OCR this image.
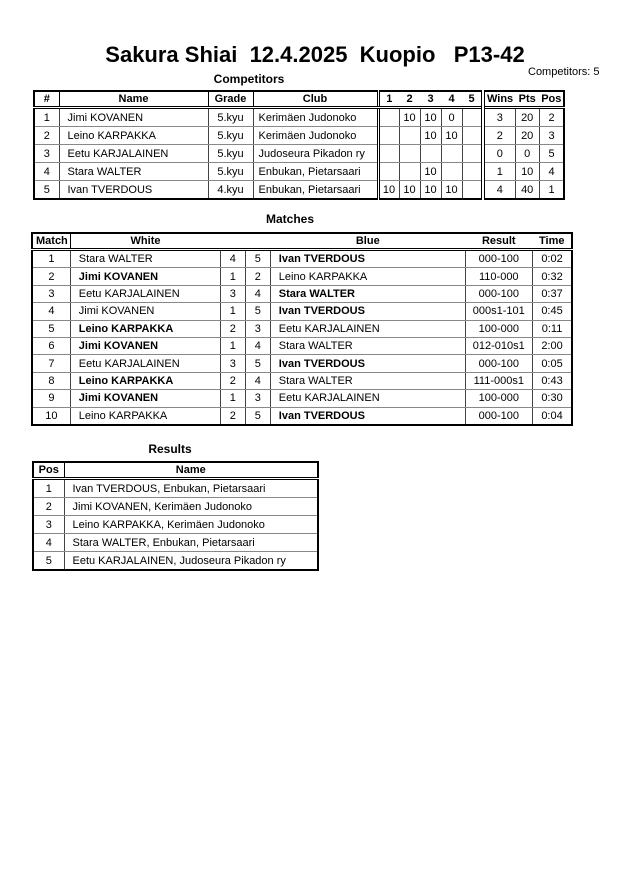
Sakura Shiai  12.4.2025  Kuopio   P13-42
Competitors: 5
Competitors
#	Name	Grade	Club	1	2	3	4	5	Wins	Pts	Pos
1	Jimi KOVANEN	5.kyu	Kerimäen Judonoko		10	10	0		3	20	2
2	Leino KARPAKKA	5.kyu	Kerimäen Judonoko			10	10		2	20	3
3	Eetu KARJALAINEN	5.kyu	Judoseura Pikadon ry						0	0	5
4	Stara WALTER	5.kyu	Enbukan, Pietarsaari			10			1	10	4
5	Ivan TVERDOUS	4.kyu	Enbukan, Pietarsaari	10	10	10	10		4	40	1
Matches
Match	White			Blue	Result	Time
1	Stara WALTER	4	5	Ivan TVERDOUS	000-100	0:02
2	Jimi KOVANEN	1	2	Leino KARPAKKA	110-000	0:32
3	Eetu KARJALAINEN	3	4	Stara WALTER	000-100	0:37
4	Jimi KOVANEN	1	5	Ivan TVERDOUS	000s1-101	0:45
5	Leino KARPAKKA	2	3	Eetu KARJALAINEN	100-000	0:11
6	Jimi KOVANEN	1	4	Stara WALTER	012-010s1	2:00
7	Eetu KARJALAINEN	3	5	Ivan TVERDOUS	000-100	0:05
8	Leino KARPAKKA	2	4	Stara WALTER	111-000s1	0:43
9	Jimi KOVANEN	1	3	Eetu KARJALAINEN	100-000	0:30
10	Leino KARPAKKA	2	5	Ivan TVERDOUS	000-100	0:04
Results
Pos	Name
1	Ivan TVERDOUS, Enbukan, Pietarsaari
2	Jimi KOVANEN, Kerimäen Judonoko
3	Leino KARPAKKA, Kerimäen Judonoko
4	Stara WALTER, Enbukan, Pietarsaari
5	Eetu KARJALAINEN, Judoseura Pikadon ry
